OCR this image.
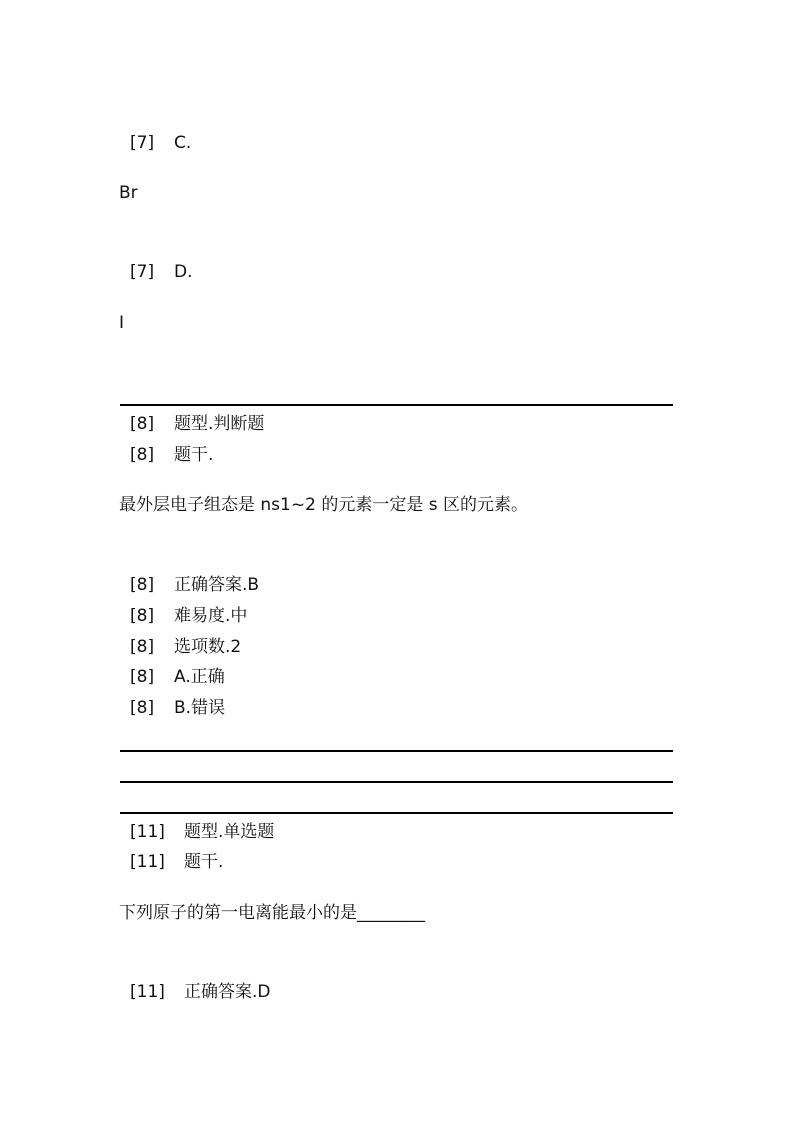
[7] C.
Br
[7] D.
I
[8] 题型.判断题
[8] 题干.
最外层电子组态是 ns1~2 的元素一定是 s 区的元素。
[8] 正确答案.B
[8] 难易度.中
[8] 选项数.2
[8] A.正确
[8] B.错误
[11] 题型.单选题
[11] 题干.
下列原子的第一电离能最小的是________
[11] 正确答案.D
